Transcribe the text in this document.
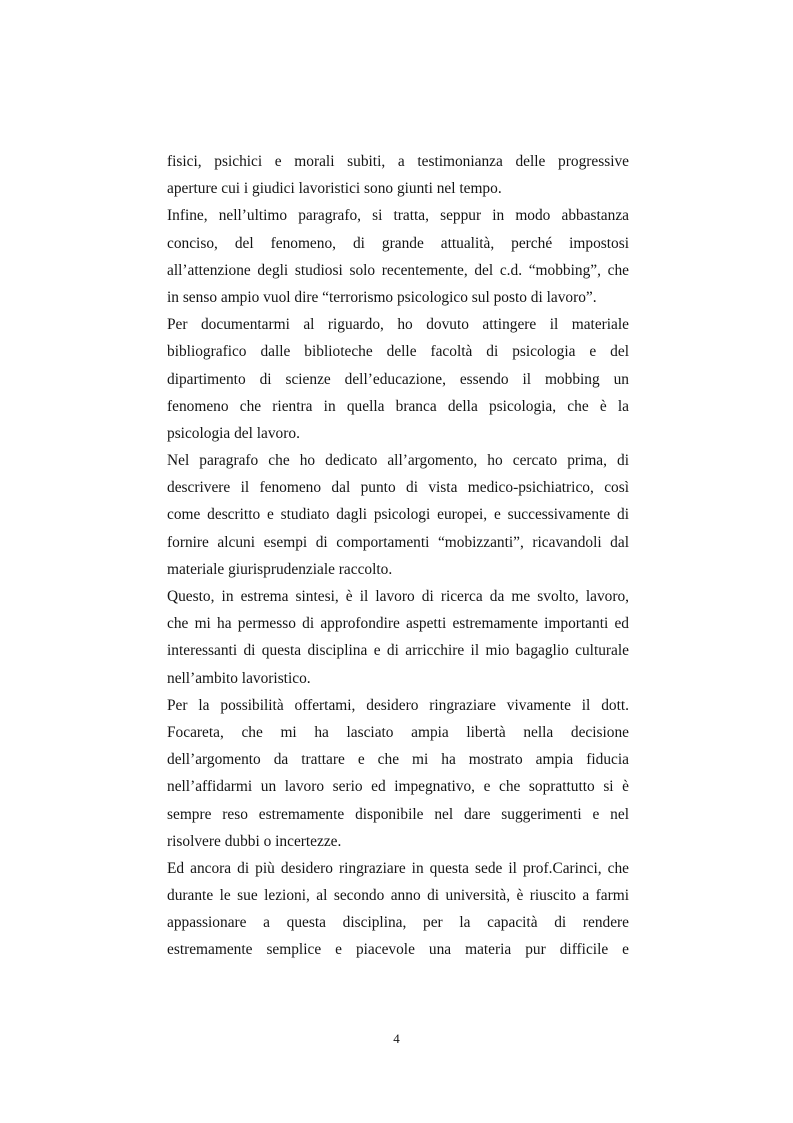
fisici, psichici e morali subiti, a testimonianza delle progressive
aperture cui i giudici lavoristici sono giunti nel tempo.
Infine, nell’ultimo paragrafo, si tratta, seppur in modo abbastanza
conciso, del fenomeno, di grande attualità, perché impostosi
all’attenzione degli studiosi solo recentemente, del c.d. “mobbing”, che
in senso ampio vuol dire “terrorismo psicologico sul posto di lavoro”.
Per documentarmi al riguardo, ho dovuto attingere il materiale
bibliografico dalle biblioteche delle facoltà di psicologia e del
dipartimento di scienze dell’educazione, essendo il mobbing un
fenomeno che rientra in quella branca della psicologia, che è la
psicologia del lavoro.
Nel paragrafo che ho dedicato all’argomento, ho cercato prima, di
descrivere il fenomeno dal punto di vista medico-psichiatrico, così
come descritto e studiato dagli psicologi europei, e successivamente di
fornire alcuni esempi di comportamenti “mobizzanti”, ricavandoli dal
materiale giurisprudenziale raccolto.
Questo, in estrema sintesi, è il lavoro di ricerca da me svolto, lavoro,
che mi ha permesso di approfondire aspetti estremamente importanti ed
interessanti di questa disciplina e di arricchire il mio bagaglio culturale
nell’ambito lavoristico.
Per la possibilità offertami, desidero ringraziare vivamente il dott.
Focareta, che mi ha lasciato ampia libertà nella decisione
dell’argomento da trattare e che mi ha mostrato ampia fiducia
nell’affidarmi un lavoro serio ed impegnativo, e che soprattutto si è
sempre reso estremamente disponibile nel dare suggerimenti e nel
risolvere dubbi o incertezze.
Ed ancora di più desidero ringraziare in questa sede il prof.Carinci, che
durante le sue lezioni, al secondo anno di università, è riuscito a farmi
appassionare a questa disciplina, per la capacità di rendere
estremamente semplice e piacevole una materia pur difficile e
4
